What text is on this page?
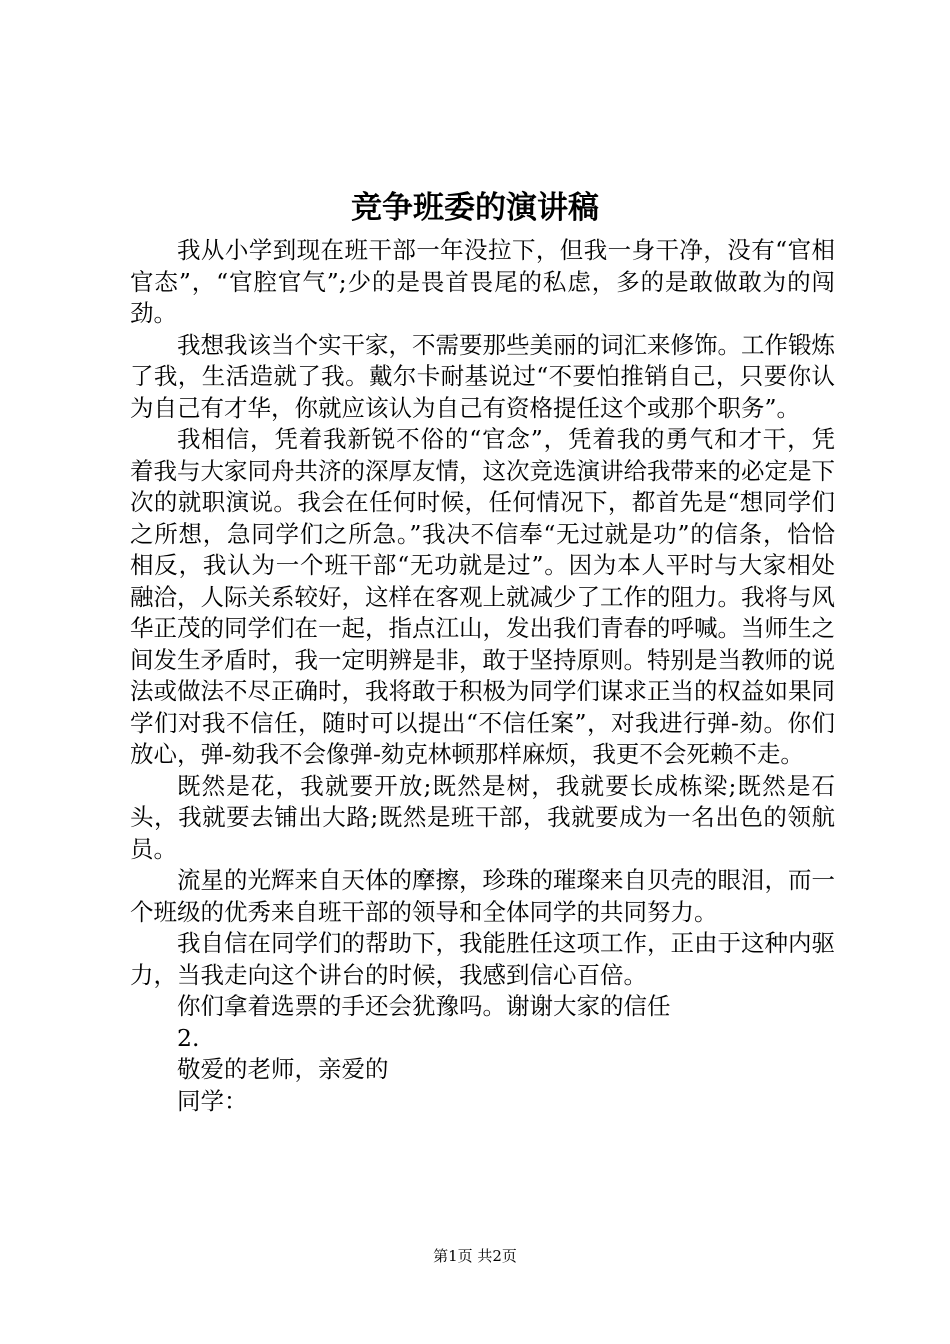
竞争班委的演讲稿

我从小学到现在班干部一年没拉下，但我一身干净，没有“官相官态”，“官腔官气”;少的是畏首畏尾的私虑，多的是敢做敢为的闯劲。

我想我该当个实干家，不需要那些美丽的词汇来修饰。工作锻炼了我，生活造就了我。戴尔卡耐基说过“不要怕推销自己，只要你认为自己有才华，你就应该认为自己有资格提任这个或那个职务”。

我相信，凭着我新锐不俗的“官念”，凭着我的勇气和才干，凭着我与大家同舟共济的深厚友情，这次竞选演讲给我带来的必定是下次的就职演说。我会在任何时候，任何情况下，都首先是“想同学们之所想，急同学们之所急。”我决不信奉“无过就是功”的信条，恰恰相反，我认为一个班干部“无功就是过”。因为本人平时与大家相处融洽，人际关系较好，这样在客观上就减少了工作的阻力。我将与风华正茂的同学们在一起，指点江山，发出我们青春的呼喊。当师生之间发生矛盾时，我一定明辨是非，敢于坚持原则。特别是当教师的说法或做法不尽正确时，我将敢于积极为同学们谋求正当的权益如果同学们对我不信任，随时可以提出“不信任案”，对我进行弹-劾。你们放心，弹-劾我不会像弹-劾克林顿那样麻烦，我更不会死赖不走。

既然是花，我就要开放;既然是树，我就要长成栋梁;既然是石头，我就要去铺出大路;既然是班干部，我就要成为一名出色的领航员。

流星的光辉来自天体的摩擦，珍珠的璀璨来自贝壳的眼泪，而一个班级的优秀来自班干部的领导和全体同学的共同努力。

我自信在同学们的帮助下，我能胜任这项工作，正由于这种内驱力，当我走向这个讲台的时候，我感到信心百倍。

你们拿着选票的手还会犹豫吗。谢谢大家的信任

2.

敬爱的老师，亲爱的

同学：

第1页 共2页
